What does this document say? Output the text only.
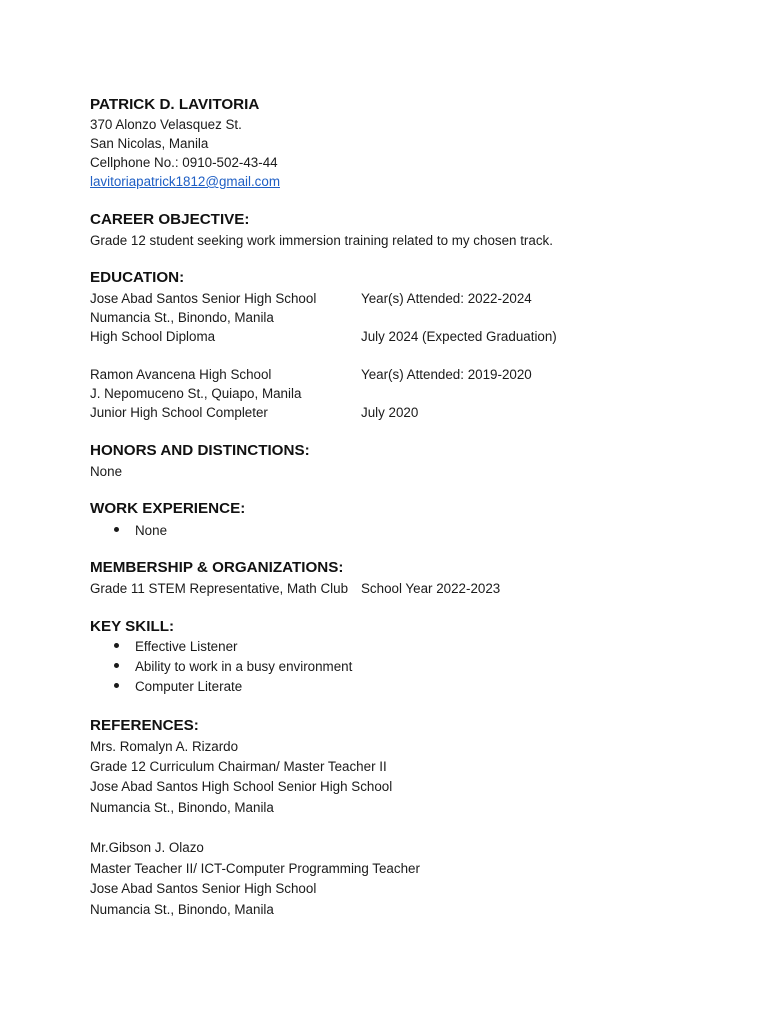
PATRICK D. LAVITORIA
370 Alonzo Velasquez St.
San Nicolas, Manila
Cellphone No.: 0910-502-43-44
lavitoriapatrick1812@gmail.com
CAREER OBJECTIVE:
Grade 12 student seeking work immersion training related to my chosen track.
EDUCATION:
Jose Abad Santos Senior High School	Year(s) Attended: 2022-2024
Numancia St., Binondo, Manila
High School Diploma	July 2024 (Expected Graduation)
Ramon Avancena High School	Year(s) Attended: 2019-2020
J. Nepomuceno St., Quiapo, Manila
Junior High School Completer	July 2020
HONORS AND DISTINCTIONS:
None
WORK EXPERIENCE:
None
MEMBERSHIP & ORGANIZATIONS:
Grade 11 STEM Representative, Math Club School Year 2022-2023
KEY SKILL:
Effective Listener
Ability to work in a busy environment
Computer Literate
REFERENCES:
Mrs. Romalyn A. Rizardo
Grade 12 Curriculum Chairman/ Master Teacher II
Jose Abad Santos High School Senior High School
Numancia St., Binondo, Manila
Mr.Gibson J. Olazo
Master Teacher II/ ICT-Computer Programming Teacher
Jose Abad Santos Senior High School
Numancia St., Binondo, Manila
